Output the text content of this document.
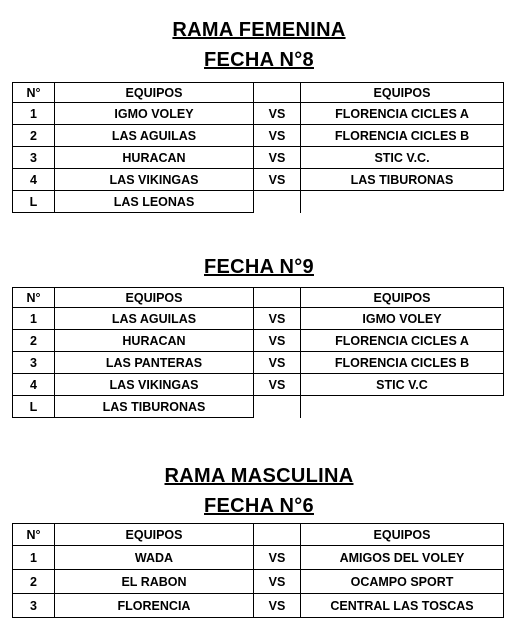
RAMA FEMENINA
FECHA N°8
N°	EQUIPOS		EQUIPOS
1	IGMO VOLEY	VS	FLORENCIA CICLES A
2	LAS AGUILAS	VS	FLORENCIA CICLES B
3	HURACAN	VS	STIC V.C.
4	LAS VIKINGAS	VS	LAS TIBURONAS
L	LAS LEONAS		
FECHA N°9
N°	EQUIPOS		EQUIPOS
1	LAS AGUILAS	VS	IGMO VOLEY
2	HURACAN	VS	FLORENCIA CICLES A
3	LAS PANTERAS	VS	FLORENCIA CICLES B
4	LAS VIKINGAS	VS	STIC V.C
L	LAS TIBURONAS		
RAMA MASCULINA
FECHA N°6
N°	EQUIPOS		EQUIPOS
1	WADA	VS	AMIGOS DEL VOLEY
2	EL RABON	VS	OCAMPO SPORT
3	FLORENCIA	VS	CENTRAL LAS TOSCAS
